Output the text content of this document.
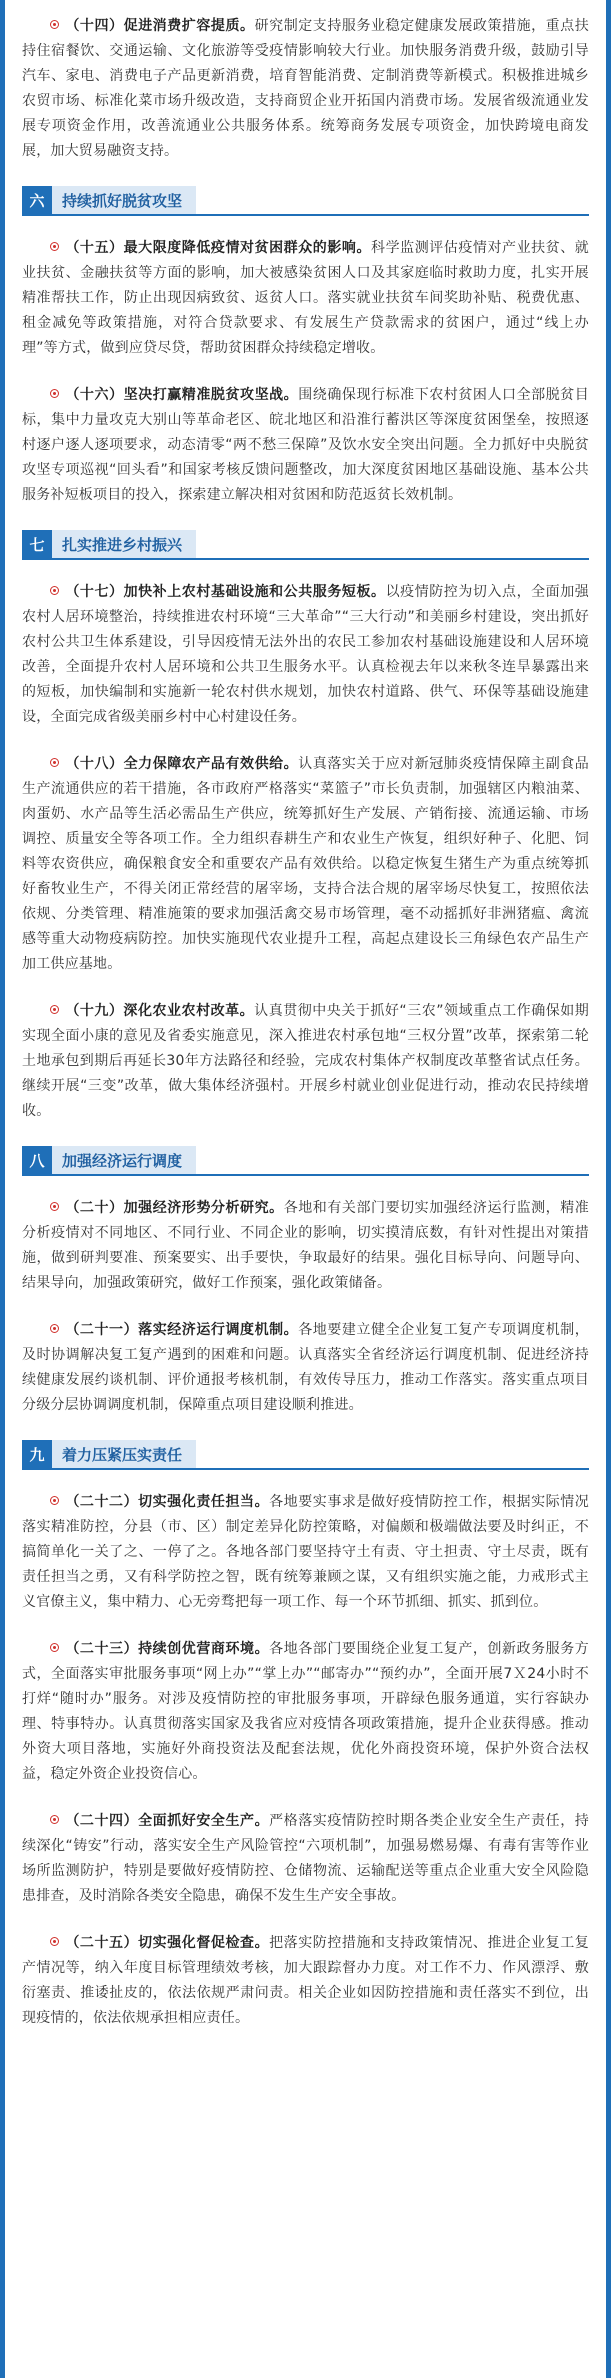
（十四）促进消费扩容提质。研究制定支持服务业稳定健康发展政策措施，重点扶持住宿餐饮、交通运输、文化旅游等受疫情影响较大行业。加快服务消费升级，鼓励引导汽车、家电、消费电子产品更新消费，培育智能消费、定制消费等新模式。积极推进城乡农贸市场、标准化菜市场升级改造，支持商贸企业开拓国内消费市场。发展省级流通业发展专项资金作用，改善流通业公共服务体系。统筹商务发展专项资金，加快跨境电商发展，加大贸易融资支持。

六	持续抓好脱贫攻坚

（十五）最大限度降低疫情对贫困群众的影响。科学监测评估疫情对产业扶贫、就业扶贫、金融扶贫等方面的影响，加大被感染贫困人口及其家庭临时救助力度，扎实开展精准帮扶工作，防止出现因病致贫、返贫人口。落实就业扶贫车间奖助补贴、税费优惠、租金减免等政策措施，对符合贷款要求、有发展生产贷款需求的贫困户，通过“线上办理”等方式，做到应贷尽贷，帮助贫困群众持续稳定增收。

（十六）坚决打赢精准脱贫攻坚战。围绕确保现行标准下农村贫困人口全部脱贫目标，集中力量攻克大别山等革命老区、皖北地区和沿淮行蓄洪区等深度贫困堡垒，按照逐村逐户逐人逐项要求，动态清零“两不愁三保障”及饮水安全突出问题。全力抓好中央脱贫攻坚专项巡视“回头看”和国家考核反馈问题整改，加大深度贫困地区基础设施、基本公共服务补短板项目的投入，探索建立解决相对贫困和防范返贫长效机制。

七	扎实推进乡村振兴

（十七）加快补上农村基础设施和公共服务短板。以疫情防控为切入点，全面加强农村人居环境整治，持续推进农村环境“三大革命”“三大行动”和美丽乡村建设，突出抓好农村公共卫生体系建设，引导因疫情无法外出的农民工参加农村基础设施建设和人居环境改善，全面提升农村人居环境和公共卫生服务水平。认真检视去年以来秋冬连旱暴露出来的短板，加快编制和实施新一轮农村供水规划，加快农村道路、供气、环保等基础设施建设，全面完成省级美丽乡村中心村建设任务。

（十八）全力保障农产品有效供给。认真落实关于应对新冠肺炎疫情保障主副食品生产流通供应的若干措施，各市政府严格落实“菜篮子”市长负责制，加强辖区内粮油菜、肉蛋奶、水产品等生活必需品生产供应，统筹抓好生产发展、产销衔接、流通运输、市场调控、质量安全等各项工作。全力组织春耕生产和农业生产恢复，组织好种子、化肥、饲料等农资供应，确保粮食安全和重要农产品有效供给。以稳定恢复生猪生产为重点统筹抓好畜牧业生产，不得关闭正常经营的屠宰场，支持合法合规的屠宰场尽快复工，按照依法依规、分类管理、精准施策的要求加强活禽交易市场管理，毫不动摇抓好非洲猪瘟、禽流感等重大动物疫病防控。加快实施现代农业提升工程，高起点建设长三角绿色农产品生产加工供应基地。

（十九）深化农业农村改革。认真贯彻中央关于抓好“三农”领域重点工作确保如期实现全面小康的意见及省委实施意见，深入推进农村承包地“三权分置”改革，探索第二轮土地承包到期后再延长30年方法路径和经验，完成农村集体产权制度改革整省试点任务。继续开展“三变”改革，做大集体经济强村。开展乡村就业创业促进行动，推动农民持续增收。

八	加强经济运行调度

（二十）加强经济形势分析研究。各地和有关部门要切实加强经济运行监测，精准分析疫情对不同地区、不同行业、不同企业的影响，切实摸清底数，有针对性提出对策措施，做到研判要准、预案要实、出手要快，争取最好的结果。强化目标导向、问题导向、结果导向，加强政策研究，做好工作预案，强化政策储备。

（二十一）落实经济运行调度机制。各地要建立健全企业复工复产专项调度机制，及时协调解决复工复产遇到的困难和问题。认真落实全省经济运行调度机制、促进经济持续健康发展约谈机制、评价通报考核机制，有效传导压力，推动工作落实。落实重点项目分级分层协调调度机制，保障重点项目建设顺利推进。

九	着力压紧压实责任

（二十二）切实强化责任担当。各地要实事求是做好疫情防控工作，根据实际情况落实精准防控，分县（市、区）制定差异化防控策略，对偏颇和极端做法要及时纠正，不搞简单化一关了之、一停了之。各地各部门要坚持守土有责、守土担责、守土尽责，既有责任担当之勇，又有科学防控之智，既有统筹兼顾之谋，又有组织实施之能，力戒形式主义官僚主义，集中精力、心无旁骛把每一项工作、每一个环节抓细、抓实、抓到位。

（二十三）持续创优营商环境。各地各部门要围绕企业复工复产，创新政务服务方式，全面落实审批服务事项“网上办”“掌上办”“邮寄办”“预约办”，全面开展7Ｘ24小时不打烊“随时办”服务。对涉及疫情防控的审批服务事项，开辟绿色服务通道，实行容缺办理、特事特办。认真贯彻落实国家及我省应对疫情各项政策措施，提升企业获得感。推动外资大项目落地，实施好外商投资法及配套法规，优化外商投资环境，保护外资合法权益，稳定外资企业投资信心。

（二十四）全面抓好安全生产。严格落实疫情防控时期各类企业安全生产责任，持续深化“铸安”行动，落实安全生产风险管控“六项机制”，加强易燃易爆、有毒有害等作业场所监测防护，特别是要做好疫情防控、仓储物流、运输配送等重点企业重大安全风险隐患排查，及时消除各类安全隐患，确保不发生生产安全事故。

（二十五）切实强化督促检查。把落实防控措施和支持政策情况、推进企业复工复产情况等，纳入年度目标管理绩效考核，加大跟踪督办力度。对工作不力、作风漂浮、敷衍塞责、推诿扯皮的，依法依规严肃问责。相关企业如因防控措施和责任落实不到位，出现疫情的，依法依规承担相应责任。
